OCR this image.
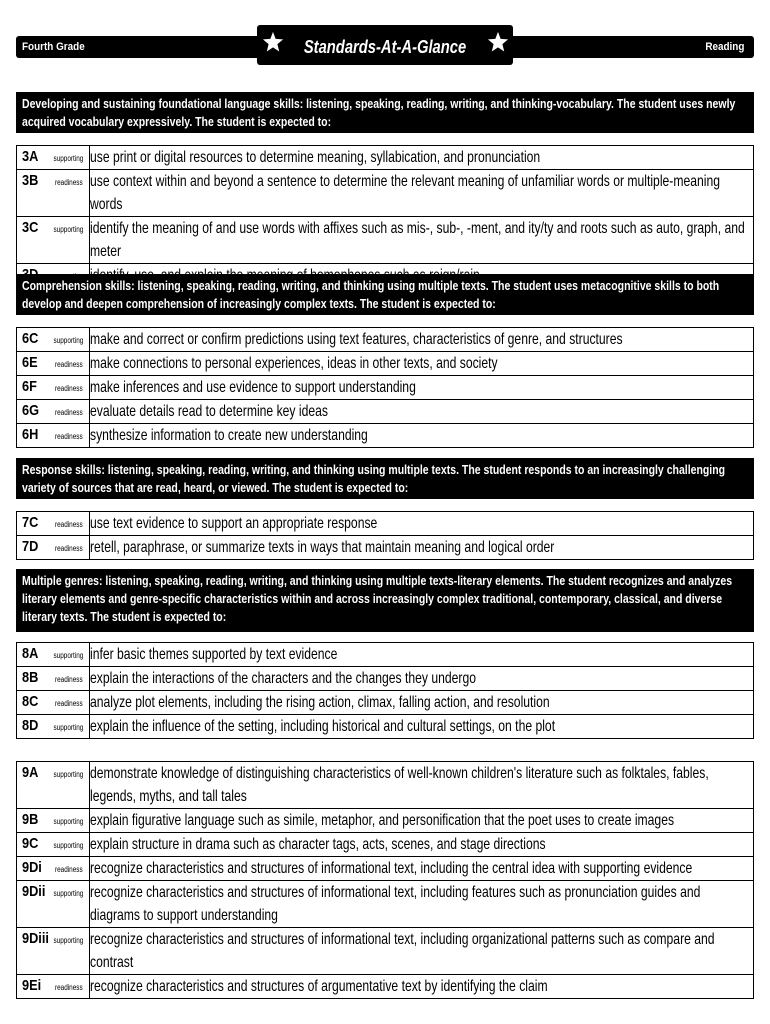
Fourth Grade	Reading
Standards-At-A-Glance
Developing and sustaining foundational language skills: listening, speaking, reading, writing, and thinking-vocabulary. The student uses newly acquired vocabulary expressively. The student is expected to:
3A supporting	use print or digital resources to determine meaning, syllabication, and pronunciation

3B readiness	use context within and beyond a sentence to determine the relevant meaning of unfamiliar words or multiple-meaning words

3C supporting	identify the meaning of and use words with affixes such as mis-, sub-, -ment, and ity/ty and roots such as auto, graph, and meter

Comprehension skills: listening, speaking, reading, writing, and thinking using multiple texts. The student uses metacognitive skills to both develop and deepen comprehension of increasingly complex texts. The student is expected to:
6C supporting	make and correct or confirm predictions using text features, characteristics of genre, and structures

6E readiness	make connections to personal experiences, ideas in other texts, and society

6F readiness	make inferences and use evidence to support understanding

6G readiness	evaluate details read to determine key ideas

6H readiness	synthesize information to create new understanding
Response skills: listening, speaking, reading, writing, and thinking using multiple texts. The student responds to an increasingly challenging variety of sources that are read, heard, or viewed. The student is expected to:
7C readiness	use text evidence to support an appropriate response

7D readiness	retell, paraphrase, or summarize texts in ways that maintain meaning and logical order
Multiple genres: listening, speaking, reading, writing, and thinking using multiple texts-literary elements. The student recognizes and analyzes literary elements and genre-specific characteristics within and across increasingly complex traditional, contemporary, classical, and diverse literary texts. The student is expected to:
8A supporting	infer basic themes supported by text evidence

8B readiness	explain the interactions of the characters and the changes they undergo

8C readiness	analyze plot elements, including the rising action, climax, falling action, and resolution

8D supporting	explain the influence of the setting, including historical and cultural settings, on the plot
9A supporting	demonstrate knowledge of distinguishing characteristics of well-known children's literature such as folktales, fables, legends, myths, and tall tales

9B supporting	explain figurative language such as simile, metaphor, and personification that the poet uses to create images

9C supporting	explain structure in drama such as character tags, acts, scenes, and stage directions

9Di readiness	recognize characteristics and structures of informational text, including the central idea with supporting evidence

9Dii supporting	recognize characteristics and structures of informational text, including features such as pronunciation guides and diagrams to support understanding

9Diii supporting	recognize characteristics and structures of informational text, including organizational patterns such as compare and contrast

9Ei readiness	recognize characteristics and structures of argumentative text by identifying the claim
